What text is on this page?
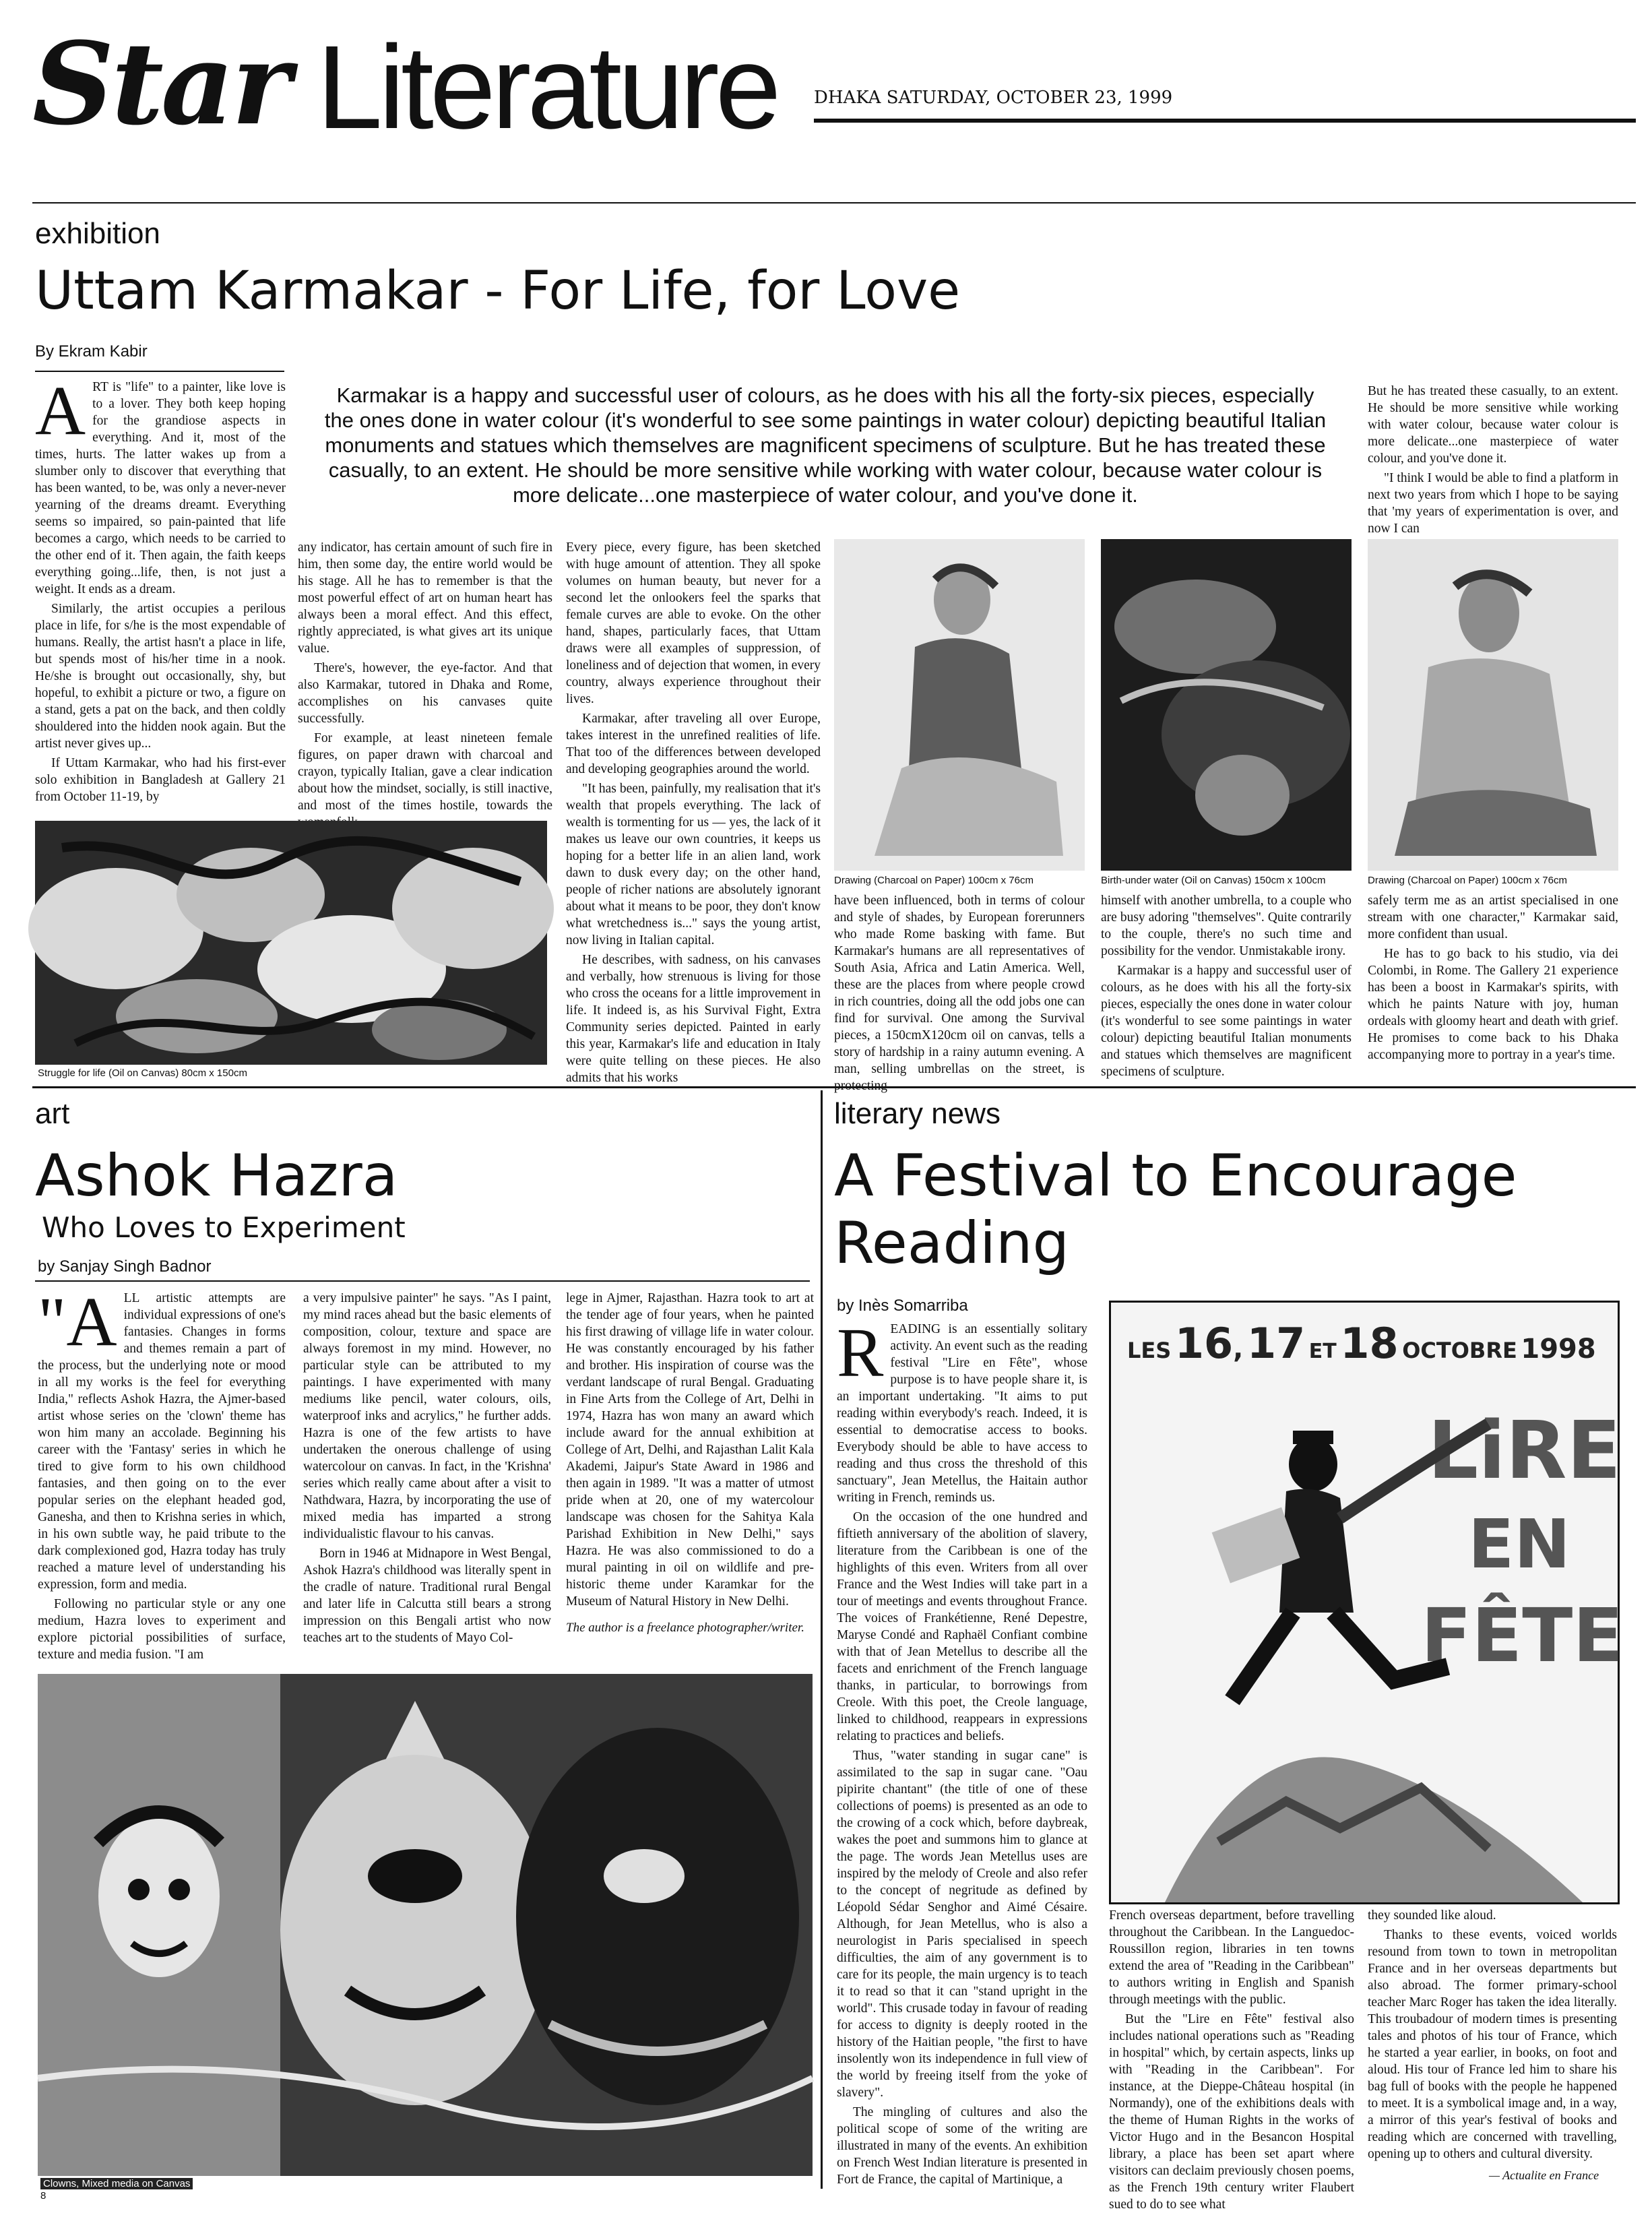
Star Literature DHAKA SATURDAY, OCTOBER 23, 1999
exhibition
Uttam Karmakar - For Life, for Love
By Ekram Kabir
A RT is "life" to a painter, like love is to a lover. They both keep hoping for the grandiose aspects in everything. And it, most of the times, hurts. The latter wakes up from a slumber only to discover that everything that has been wanted, to be, was only a never-never yearning of the dreams dreamt. Everything seems so impaired, so pain-painted that life becomes a cargo, which needs to be carried to the other end of it. Then again, the faith keeps everything going...life, then, is not just a weight. It ends as a dream.

Similarly, the artist occupies a perilous place in life, for s/he is the most expendable of humans. Really, the artist hasn't a place in life, but spends most of his/her time in a nook. He/she is brought out occasionally, shy, but hopeful, to exhibit a picture or two, a figure on a stand, gets a pat on the back, and then coldly shouldered into the hidden nook again. But the artist never gives up...

If Uttam Karmakar, who had his first-ever solo exhibition in Bangladesh at Gallery 21 from October 11-19, by

Karmakar is a happy and successful user of colours, as he does with his all the forty-six pieces, especially the ones done in water colour (it's wonderful to see some paintings in water colour) depicting beautiful Italian monuments and statues which themselves are magnificent specimens of sculpture. But he has treated these casually, to an extent. He should be more sensitive while working with water colour, because water colour is more delicate...one masterpiece of water colour, and you've done it.

But he has treated these casually, to an extent. He should be more sensitive while working with water colour, because water colour is more delicate...one masterpiece of water colour, and you've done it.

"I think I would be able to find a platform in next two years from which I hope to be saying that 'my years of experimentation is over, and now I can

any indicator, has certain amount of such fire in him, then some day, the entire world would be his stage. All he has to remember is that the most powerful effect of art on human heart has always been a moral effect. And this effect, rightly appreciated, is what gives art its unique value.

There's, however, the eye-factor. And that also Karmakar, tutored in Dhaka and Rome, accomplishes on his canvases quite successfully.

For example, at least nineteen female figures, on paper drawn with charcoal and crayon, typically Italian, gave a clear indication about how the mindset, socially, is still inactive, and most of the times hostile, towards the

Every piece, every figure, has been sketched with huge amount of attention. They all spoke volumes on human beauty, but never for a second let the onlookers feel the sparks that female curves are able to evoke. On the other hand, shapes, particularly faces, that Uttam draws were all examples of suppression, of loneliness and of dejection that women, in every country, always experience throughout their lives.

Karmakar, after traveling all over Europe, takes interest in the unrefined realities of life. That too of the differences between developed and developing geographies around the world.

"It has been, painfully, my realisation that it's wealth that propels everything. The lack of wealth is tormenting for us — yes, the lack of it makes us leave our own countries, it keeps us hoping for a better life in an alien land, work dawn to dusk every day; on the other hand, people of richer nations are absolutely ignorant about what it means to be poor, they don't know what wretchedness is..." says the young artist, now living in Italian capital.

He describes, with sadness, on his canvases and verbally, how strenuous is living for those who cross the oceans for a little improvement in life. It indeed is, as his Survival Fight, Extra Community series depicted. Painted in early this year, Karmakar's life and education in Italy were quite telling on these pieces. He also admits that his works

Struggle for life (Oil on Canvas) 80cm x 150cm
Drawing (Charcoal on Paper) 100cm x 76cm	Birth-under water (Oil on Canvas) 150cm x 100cm	Drawing (Charcoal on Paper) 100cm x 76cm

have been influenced, both in terms of colour and style of shades, by European forerunners who made Rome basking with fame. But Karmakar's humans are all representatives of South Asia, Africa and Latin America. Well, these are the places from where people crowd in rich countries, doing all the odd jobs one can find for survival. One among the Survival pieces, a 150cmX120cm oil on canvas, tells a story of hardship in a rainy autumn evening. A man, selling umbrellas on the street, is

himself with another umbrella, to a couple who are busy adoring "themselves". Quite contrarily to the couple, there's no such time and possibility for the vendor. Unmistakable irony.

Karmakar is a happy and successful user of colours, as he does with his all the forty-six pieces, especially the ones done in water colour (it's wonderful to see some paintings in water colour) depicting beautiful Italian monuments and statues which themselves are magnificent specimens of sculpture.

safely term me as an artist specialised in one stream with one character," Karmakar said, more confident than usual.

He has to go back to his studio, via dei Colombi, in Rome. The Gallery 21 experience has been a boost in Karmakar's spirits, with which he paints Nature with joy, human ordeals with gloomy heart and death with grief. He promises to come back to his Dhaka accompanying more to portray in a year's time.

art
Ashok Hazra
Who Loves to Experiment
by Sanjay Singh Badnor
"A LL artistic attempts are individual expressions of one's fantasies. Changes in forms and themes remain a part of the process, but the underlying note or mood in all my works is the feel for everything India," reflects Ashok Hazra, the Ajmer-based artist whose series on the 'clown' theme has won him many an accolade. Beginning his career with the 'Fantasy' series in which he tired to give form to his own childhood fantasies, and then going on to the ever popular series on the elephant headed god, Ganesha, and then to Krishna series in which, in his own subtle way, he paid tribute to the dark complexioned god, Hazra today has truly reached a mature level of understanding his expression, form and media.

Following no particular style or any one medium, Hazra loves to experiment and explore pictorial possibilities of surface, texture and media fusion. "I am

a very impulsive painter" he says. "As I paint, my mind races ahead but the basic elements of composition, colour, texture and space are always foremost in my mind. However, no particular style can be attributed to my paintings. I have experimented with many mediums like pencil, water colours, oils, waterproof inks and acrylics," he further adds. Hazra is one of the few artists to have undertaken the onerous challenge of using watercolour on canvas. In fact, in the 'Krishna' series which really came about after a visit to Nathdwara, Hazra, by incorporating the use of mixed media has imparted a strong individualistic flavour to his canvas.

Born in 1946 at Midnapore in West Bengal, Ashok Hazra's childhood was literally spent in the cradle of nature. Traditional rural Bengal and later life in Calcutta still bears a strong impression on this Bengali artist who now teaches art to the students of Mayo Col-

lege in Ajmer, Rajasthan. Hazra took to art at the tender age of four years, when he painted his first drawing of village life in water colour. He was constantly encouraged by his father and brother. His inspiration of course was the verdant landscape of rural Bengal. Graduating in Fine Arts from the College of Art, Delhi in 1974, Hazra has won many an award which include award for the annual exhibition at College of Art, Delhi, and Rajasthan Lalit Kala Akademi, Jaipur's State Award in 1986 and then again in 1989. "It was a matter of utmost pride when at 20, one of my watercolour landscape was chosen for the Sahitya Kala Parishad Exhibition in New Delhi," says Hazra. He was also commissioned to do a mural painting in oil on wildlife and pre-historic theme under Karamkar for the Museum of Natural History in New Delhi.

The author is a freelance photographer/writer.

Clowns, Mixed media on Canvas
8
literary news
A Festival to Encourage
Reading
by Inès Somarriba
R EADING is an essentially solitary activity. An event such as the reading festival "Lire en Fête", whose purpose is to have people share it, is an important undertaking. "It aims to put reading within everybody's reach. Indeed, it is essential to democratise access to books. Everybody should be able to have access to reading and thus cross the threshold of this sanctuary", Jean Metellus, the Haitain author writing in French, reminds us.

On the occasion of the one hundred and fiftieth anniversary of the abolition of slavery, literature from the Caribbean is one of the highlights of this even. Writers from all over France and the West Indies will take part in a tour of meetings and events throughout France. The voices of Frankétienne, René Depestre, Maryse Condé and Raphaël Confiant combine with that of Jean Metellus to describe all the facets and enrichment of the French language thanks, in particular, to borrowings from Creole. With this poet, the Creole language, linked to childhood, reappears in expressions relating to practices and beliefs.

Thus, "water standing in sugar cane" is assimilated to the sap in sugar cane. "Oau pipirite chantant" (the title of one of these collections of poems) is presented as an ode to the crowing of a cock which, before daybreak, wakes the poet and summons him to glance at the page. The words Jean Metellus uses are inspired by the melody of Creole and also refer to the concept of negritude as defined by Léopold Sédar Senghor and Aimé Césaire. Although, for Jean Metellus, who is also a neurologist in Paris specialised in speech difficulties, the aim of any government is to care for its people, the main urgency is to teach it to read so that it can "stand upright in the world". This crusade today in favour of reading for access to dignity is deeply rooted in the history of the Haitian people, "the first to have insolently won its independence in full view of the world by freeing itself from the yoke of slavery".

The mingling of cultures and also the political scope of some of the writing are illustrated in many of the events. An exhibition on French West Indian literature is presented in Fort de France, the capital of Martinique, a

LES 16, 17 ET 18 OCTOBRE 1998
LiRE
EN
FÊTE

French overseas department, before travelling throughout the Caribbean. In the Languedoc-Roussillon region, libraries in ten towns extend the area of "Reading in the Caribbean" to authors writing in English and Spanish through meetings with the public.

But the "Lire en Fête" festival also includes national operations such as "Reading in hospital" which, by certain aspects, links up with "Reading in the Caribbean". For instance, at the Dieppe-Château hospital (in Normandy), one of the exhibitions deals with the theme of Human Rights in the works of Victor Hugo and in the Besancon Hospital library, a place has been set apart where visitors can declaim previously chosen poems, as the French 19th century writer Flaubert sued to do to see what

they sounded like aloud.

Thanks to these events, voiced worlds resound from town to town in metropolitan France and in her overseas departments but also abroad. The former primary-school teacher Marc Roger has taken the idea literally. This troubadour of modern times is presenting tales and photos of his tour of France, which he started a year earlier, in books, on foot and aloud. His tour of France led him to share his bag full of books with the people he happened to meet. It is a symbolical image and, in a way, a mirror of this year's festival of books and reading which are concerned with travelling, opening up to others and cultural diversity.

— Actualite en France
